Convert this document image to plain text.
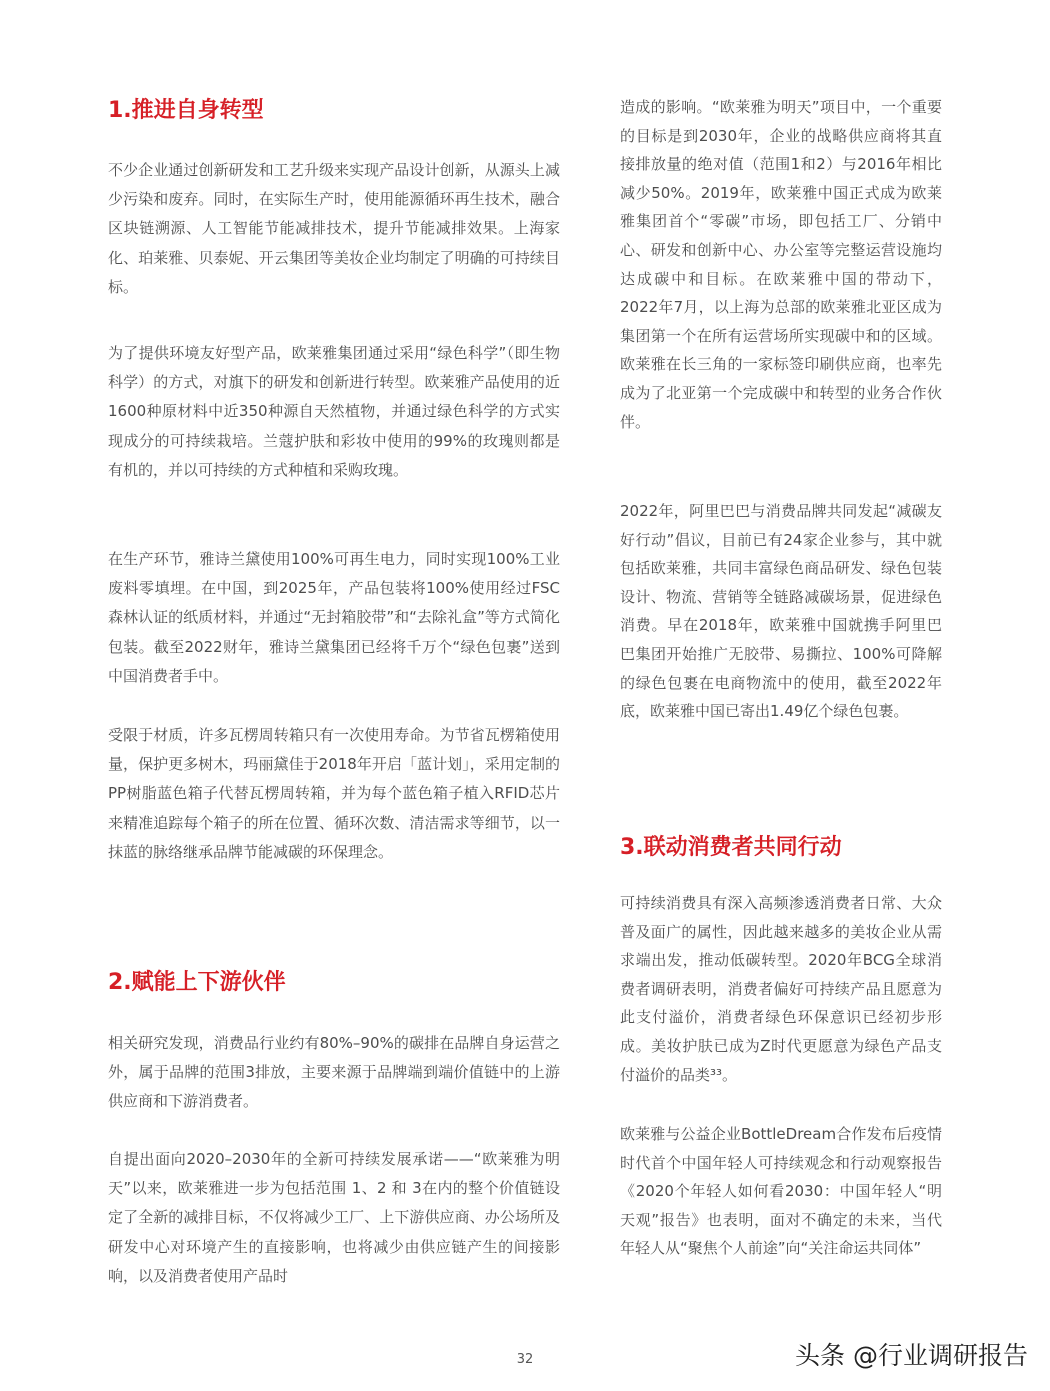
1.推进自身转型

不少企业通过创新研发和工艺升级来实现产品设计创新，从源头上减少污染和废弃。同时，在实际生产时，使用能源循环再生技术，融合区块链溯源、人工智能节能减排技术，提升节能减排效果。上海家化、珀莱雅、贝泰妮、开云集团等美妆企业均制定了明确的可持续目标。

为了提供环境友好型产品，欧莱雅集团通过采用“绿色科学”（即生物科学）的方式，对旗下的研发和创新进行转型。欧莱雅产品使用的近1600种原材料中近350种源自天然植物，并通过绿色科学的方式实现成分的可持续栽培。兰蔻护肤和彩妆中使用的99%的玫瑰则都是有机的，并以可持续的方式种植和采购玫瑰。

在生产环节，雅诗兰黛使用100%可再生电力，同时实现100%工业废料零填埋。在中国，到2025年，产品包装将100%使用经过FSC森林认证的纸质材料，并通过“无封箱胶带”和“去除礼盒”等方式简化包装。截至2022财年，雅诗兰黛集团已经将千万个“绿色包裹”送到中国消费者手中。

受限于材质，许多瓦楞周转箱只有一次使用寿命。为节省瓦楞箱使用量，保护更多树木，玛丽黛佳于2018年开启「蓝计划」，采用定制的PP树脂蓝色箱子代替瓦楞周转箱，并为每个蓝色箱子植入RFID芯片来精准追踪每个箱子的所在位置、循环次数、清洁需求等细节，以一抹蓝的脉络继承品牌节能减碳的环保理念。

2.赋能上下游伙伴

相关研究发现，消费品行业约有80%–90%的碳排在品牌自身运营之外，属于品牌的范围3排放，主要来源于品牌端到端价值链中的上游供应商和下游消费者。

自提出面向2020–2030年的全新可持续发展承诺——“欧莱雅为明天”以来，欧莱雅进一步为包括范围 1、2 和 3在内的整个价值链设定了全新的减排目标，不仅将减少工厂、上下游供应商、办公场所及研发中心对环境产生的直接影响，也将减少由供应链产生的间接影响，以及消费者使用产品时

造成的影响。“欧莱雅为明天”项目中，一个重要的目标是到2030年，企业的战略供应商将其直接排放量的绝对值（范围1和2）与2016年相比减少50%。2019年，欧莱雅中国正式成为欧莱雅集团首个“零碳”市场，即包括工厂、分销中心、研发和创新中心、办公室等完整运营设施均达成碳中和目标。在欧莱雅中国的带动下，2022年7月，以上海为总部的欧莱雅北亚区成为集团第一个在所有运营场所实现碳中和的区域。欧莱雅在长三角的一家标签印刷供应商，也率先成为了北亚第一个完成碳中和转型的业务合作伙伴。

2022年，阿里巴巴与消费品牌共同发起“减碳友好行动”倡议，目前已有24家企业参与，其中就包括欧莱雅，共同丰富绿色商品研发、绿色包装设计、物流、营销等全链路减碳场景，促进绿色消费。早在2018年，欧莱雅中国就携手阿里巴巴集团开始推广无胶带、易撕拉、100%可降解的绿色包裹在电商物流中的使用，截至2022年底，欧莱雅中国已寄出1.49亿个绿色包裹。

3.联动消费者共同行动

可持续消费具有深入高频渗透消费者日常、大众普及面广的属性，因此越来越多的美妆企业从需求端出发，推动低碳转型。2020年BCG全球消费者调研表明，消费者偏好可持续产品且愿意为此支付溢价，消费者绿色环保意识已经初步形成。美妆护肤已成为Z时代更愿意为绿色产品支付溢价的品类³³。

欧莱雅与公益企业BottleDream合作发布后疫情时代首个中国年轻人可持续观念和行动观察报告《2020个年轻人如何看2030：中国年轻人“明天观”报告》也表明，面对不确定的未来，当代年轻人从“聚焦个人前途”向“关注命运共同体”

32	头条 @行业调研报告
